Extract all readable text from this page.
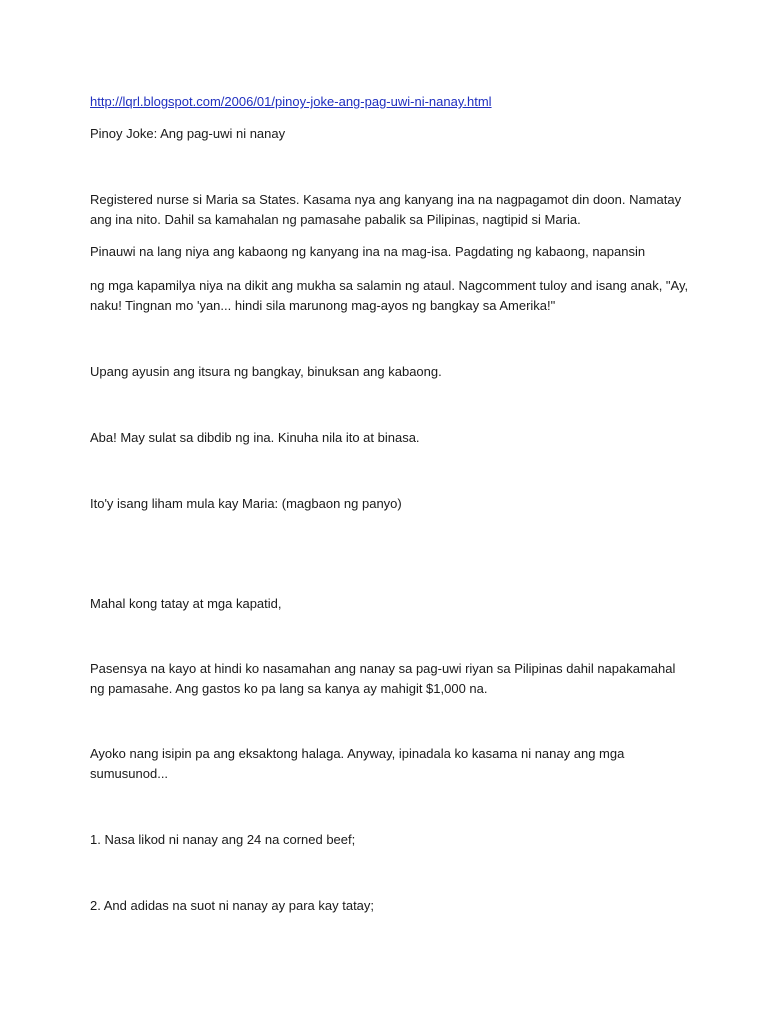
http://lqrl.blogspot.com/2006/01/pinoy-joke-ang-pag-uwi-ni-nanay.html

Pinoy Joke: Ang pag-uwi ni nanay

Registered nurse si Maria sa States. Kasama nya ang kanyang ina na nagpagamot din doon. Namatay ang ina nito. Dahil sa kamahalan ng pamasahe pabalik sa Pilipinas, nagtipid si Maria.

Pinauwi na lang niya ang kabaong ng kanyang ina na mag-isa. Pagdating ng kabaong, napansin

ng mga kapamilya niya na dikit ang mukha sa salamin ng ataul. Nagcomment tuloy and isang anak, "Ay, naku! Tingnan mo 'yan... hindi sila marunong mag-ayos ng bangkay sa Amerika!"

Upang ayusin ang itsura ng bangkay, binuksan ang kabaong.

Aba! May sulat sa dibdib ng ina. Kinuha nila ito at binasa.

Ito'y isang liham mula kay Maria: (magbaon ng panyo)

Mahal kong tatay at mga kapatid,

Pasensya na kayo at hindi ko nasamahan ang nanay sa pag-uwi riyan sa Pilipinas dahil napakamahal ng pamasahe. Ang gastos ko pa lang sa kanya ay mahigit $1,000 na.

Ayoko nang isipin pa ang eksaktong halaga. Anyway, ipinadala ko kasama ni nanay ang mga sumusunod...

1. Nasa likod ni nanay ang 24 na corned beef;

2. And adidas na suot ni nanay ay para kay tatay;
